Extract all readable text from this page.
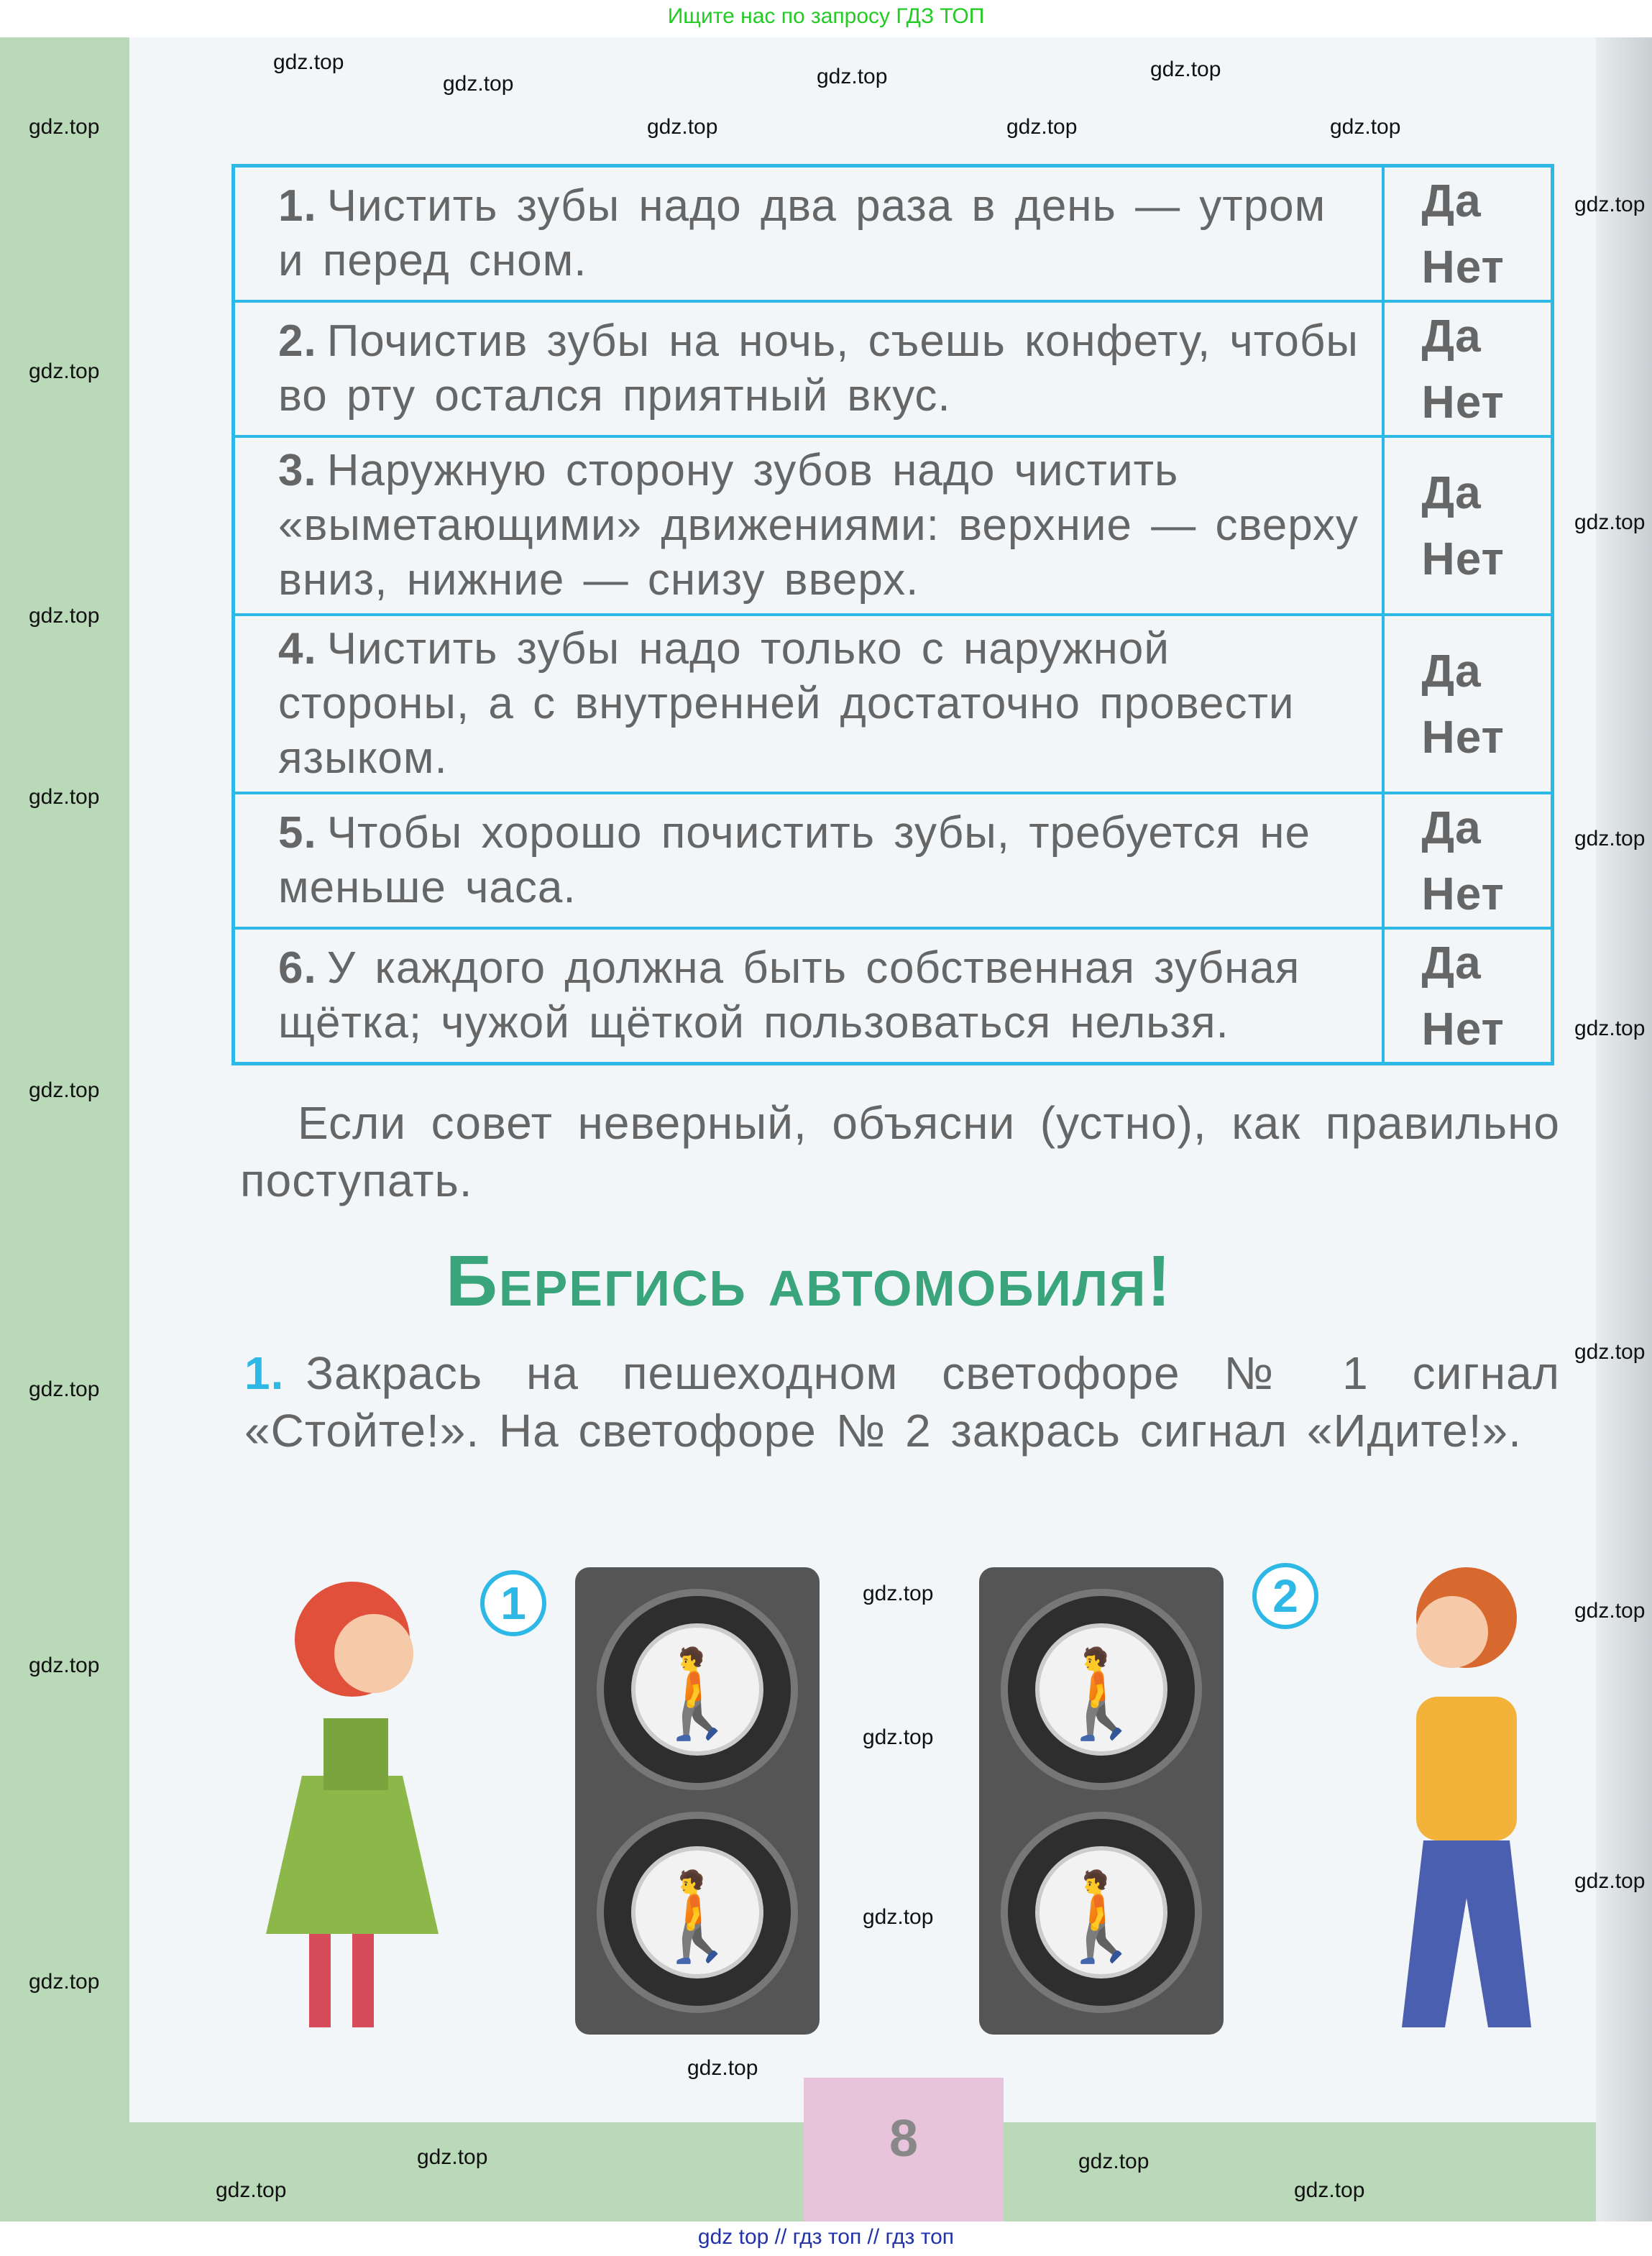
Ищите нас по запросу ГДЗ ТОП
1. Чистить зубы надо два раза в день — утром и перед сном.	Да
Нет

2. Почистив зубы на ночь, съешь конфету, чтобы во рту остался приятный вкус.	Да
Нет

3. Наружную сторону зубов надо чистить «выметающими» движениями: верхние — сверху вниз, нижние — снизу вверх.	Да
Нет

4. Чистить зубы надо только с наружной стороны, а с внутренней достаточно провести языком.	Да
Нет

5. Чтобы хорошо почистить зубы, требуется не меньше часа.	Да
Нет

6. У каждого должна быть собственная зубная щётка; чужой щёткой пользоваться нельзя.	Да
Нет
Если совет неверный, объясни (устно), как правильно поступать.
Берегись автомобиля!
1. Закрась на пешеходном светофоре № 1 сигнал «Стойте!». На светофоре № 2 закрась сигнал «Идите!».
1
🚶
🚶
2
🚶
🚶
8
gdz top // гдз топ // гдз топ
gdz.top
gdz.top
gdz.top
gdz.top
gdz.top
gdz.top
gdz.top
gdz.top
gdz.top
gdz.top
gdz.top
gdz.top
gdz.top
gdz.top
gdz.top
gdz.top
gdz.top
gdz.top
gdz.top
gdz.top
gdz.top
gdz.top
gdz.top
gdz.top
gdz.top
gdz.top
gdz.top
gdz.top
gdz.top	gdz.top
